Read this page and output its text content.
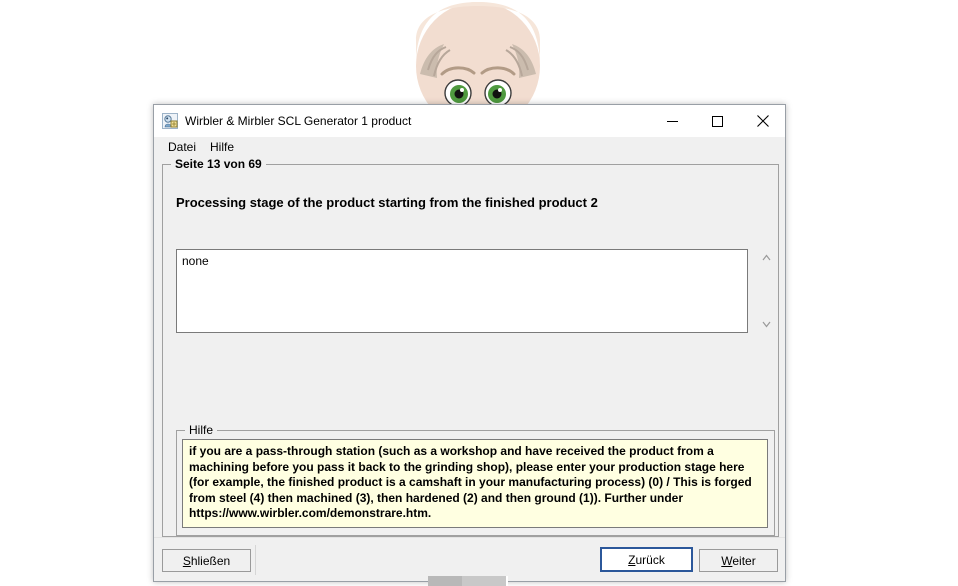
Wirbler & Mirbler SCL Generator 1 product
Datei	Hilfe
Seite 13 von 69
Processing stage of the product starting from the finished product 2
none
Hilfe
if you are a pass-through station (such as a workshop and have received the product from a machining before you pass it back to the grinding shop), please enter your production stage here (for example, the finished product is a camshaft in your manufacturing process) (0) / This is forged from steel (4) then machined (3), then hardened (2) and then ground (1)). Further under https://www.wirbler.com/demonstrare.htm.
Shließen	Zurück	Weiter
